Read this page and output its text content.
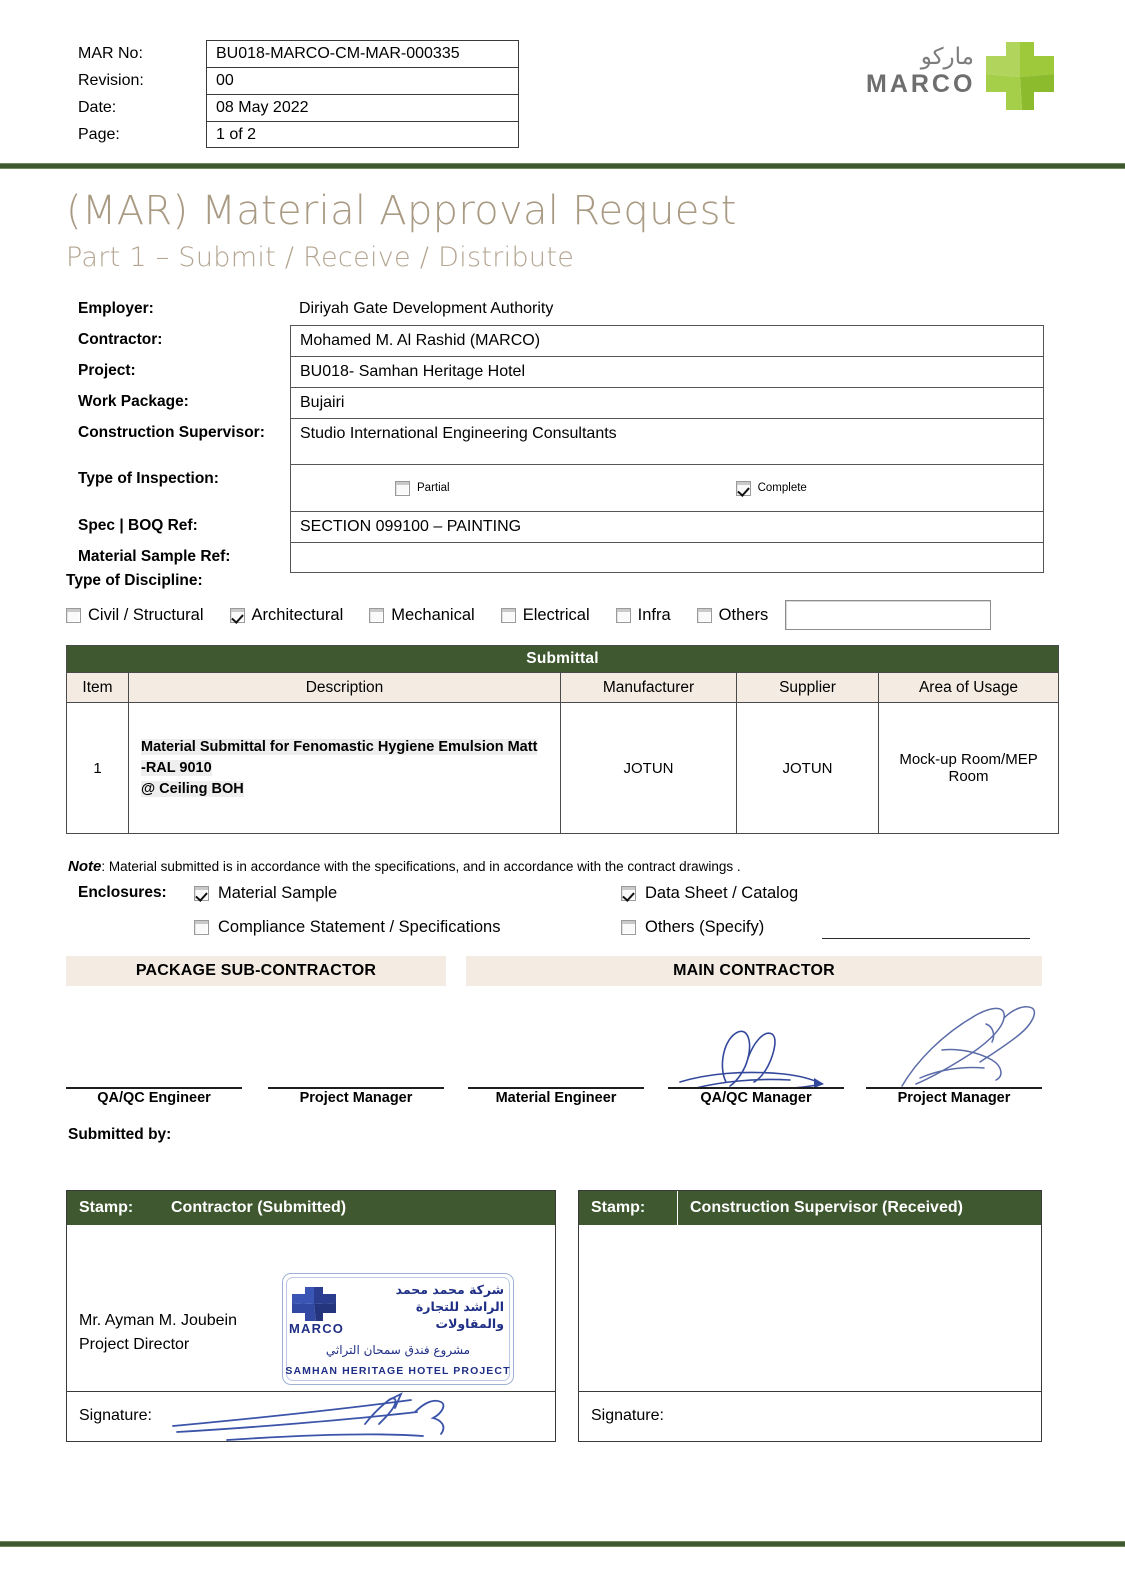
MAR No:	BU018-MARCO-CM-MAR-000335
Revision:	00
Date:	08 May 2022
Page:	1 of 2
ماركو
MARCO
(MAR) Material Approval Request
Part 1 – Submit / Receive / Distribute
Employer:	Diriyah Gate Development Authority
Contractor:	Mohamed M. Al Rashid (MARCO)
Project:	BU018- Samhan Heritage Hotel
Work Package:	Bujairi
Construction Supervisor:	Studio International Engineering Consultants
Type of Inspection:
Partial	Complete
Spec | BOQ Ref:	SECTION 099100 – PAINTING
Material Sample Ref:
Type of Discipline:
Civil / Structural	Architectural	Mechanical	Electrical	Infra	Others
Submittal				
Item	Description	Manufacturer	Supplier	Area of Usage
1	Material Submittal for Fenomastic Hygiene Emulsion Matt
-RAL 9010
@ Ceiling BOH	JOTUN	JOTUN	Mock-up Room/MEP Room
Note: Material submitted is in accordance with the specifications, and in accordance with the contract drawings .
Enclosures:	Material Sample	Data Sheet / Catalog
Compliance Statement / Specifications	Others (Specify)
PACKAGE SUB-CONTRACTOR	MAIN CONTRACTOR
QA/QC Engineer	Project Manager	Material Engineer	QA/QC Manager	Project Manager
Submitted by:
Stamp:	Contractor (Submitted)
Mr. Ayman M. Joubein
Project Director
شركة محمد محمد الراشد للتجارة
والمقاولات
MARCO
مشروع فندق سمحان التراثي
SAMHAN HERITAGE HOTEL PROJECT
Signature:
Stamp:	Construction Supervisor (Received)
Signature:
